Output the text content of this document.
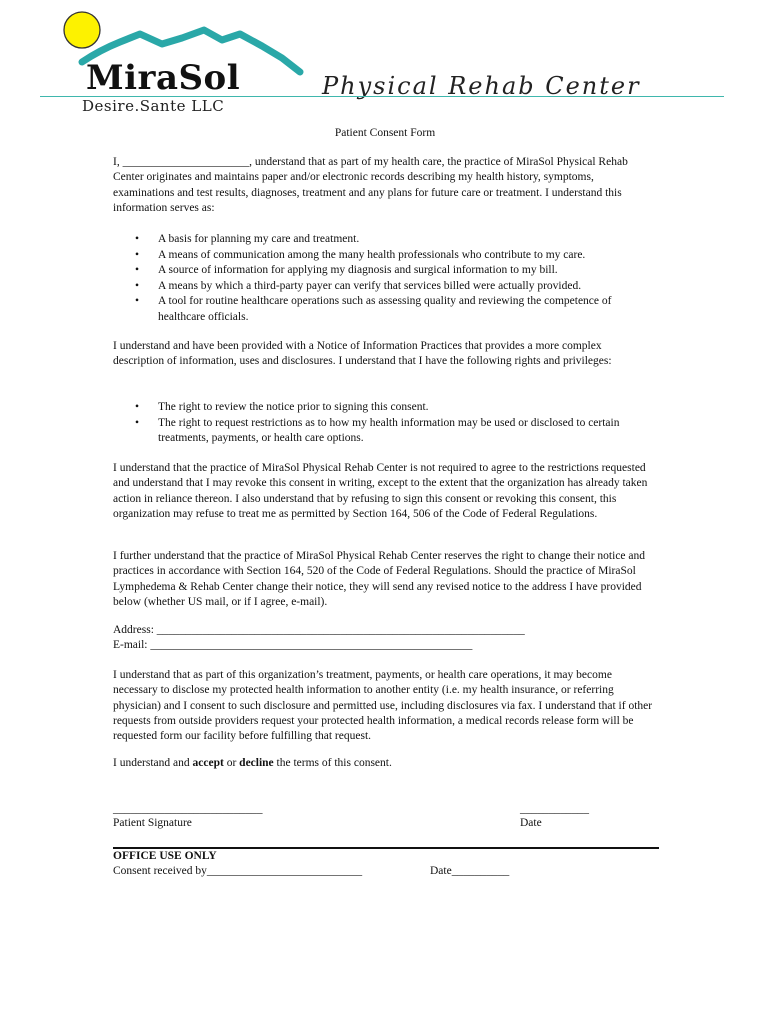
MiraSol	Physical Rehab Center
Desire.Sante LLC
Patient Consent Form

I, ______________________, understand that as part of my health care, the practice of MiraSol Physical Rehab Center originates and maintains paper and/or electronic records describing my health history, symptoms, examinations and test results, diagnoses, treatment and any plans for future care or treatment. I understand this information serves as:

• A basis for planning my care and treatment.
• A means of communication among the many health professionals who contribute to my care.
• A source of information for applying my diagnosis and surgical information to my bill.
• A means by which a third-party payer can verify that services billed were actually provided.
• A tool for routine healthcare operations such as assessing quality and reviewing the competence of healthcare officials.

I understand and have been provided with a Notice of Information Practices that provides a more complex description of information, uses and disclosures. I understand that I have the following rights and privileges:

• The right to review the notice prior to signing this consent.
• The right to request restrictions as to how my health information may be used or disclosed to certain treatments, payments, or health care options.

I understand that the practice of MiraSol Physical Rehab Center is not required to agree to the restrictions requested and understand that I may revoke this consent in writing, except to the extent that the organization has already taken action in reliance thereon. I also understand that by refusing to sign this consent or revoking this consent, this organization may refuse to treat me as permitted by Section 164, 506 of the Code of Federal Regulations.

I further understand that the practice of MiraSol Physical Rehab Center reserves the right to change their notice and practices in accordance with Section 164, 520 of the Code of Federal Regulations. Should the practice of MiraSol Lymphedema & Rehab Center change their notice, they will send any revised notice to the address I have provided below (whether US mail, or if I agree, e-mail).

Address: ________________________________________________________________
E-mail: ________________________________________________________

I understand that as part of this organization’s treatment, payments, or health care operations, it may become necessary to disclose my protected health information to another entity (i.e. my health insurance, or referring physician) and I consent to such disclosure and permitted use, including disclosures via fax. I understand that if other requests from outside providers request your protected health information, a medical records release form will be requested form our facility before fulfilling that request.

I understand and accept or decline the terms of this consent.
__________________________
Patient Signature
____________
Date
OFFICE USE ONLY
Consent received by___________________________	Date__________
